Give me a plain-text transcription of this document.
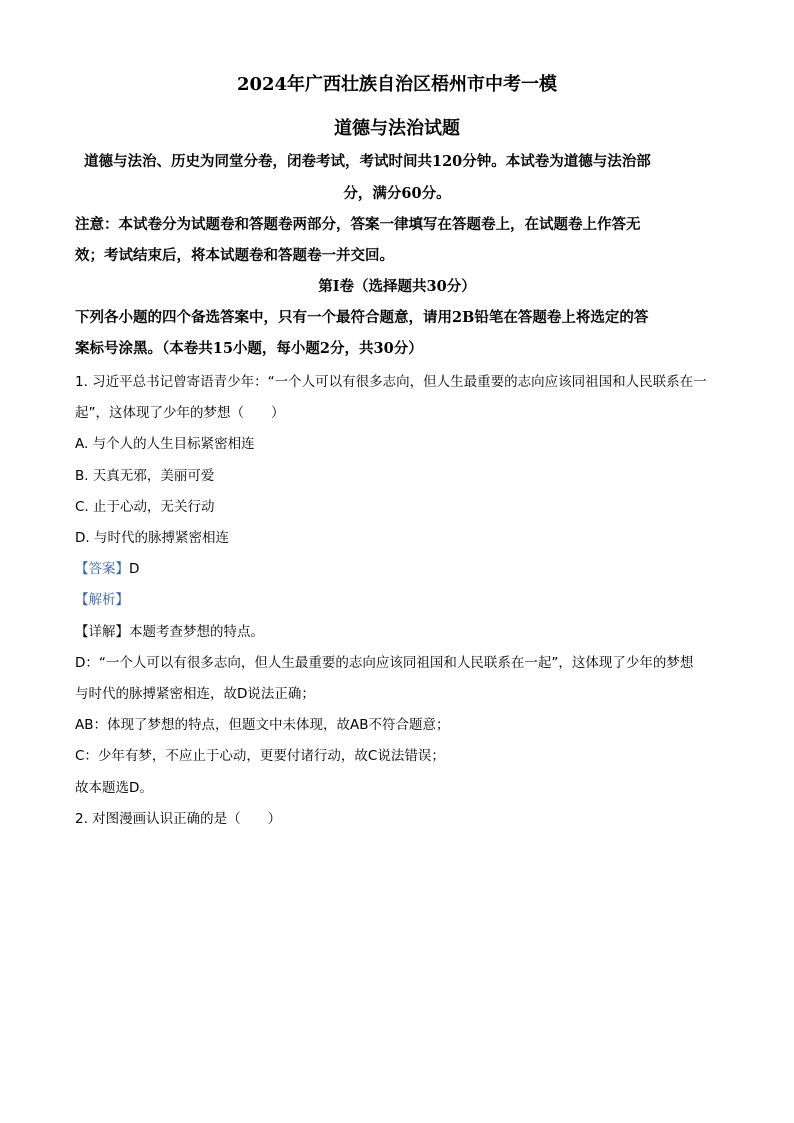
2024年广西壮族自治区梧州市中考一模
道德与法治试题
道德与法治、历史为同堂分卷，闭卷考试，考试时间共120分钟。本试卷为道德与法治部
分，满分60分。
注意：本试卷分为试题卷和答题卷两部分，答案一律填写在答题卷上，在试题卷上作答无
效；考试结束后，将本试题卷和答题卷一并交回。
第Ⅰ卷（选择题共30分）
下列各小题的四个备选答案中，只有一个最符合题意，请用2B铅笔在答题卷上将选定的答
案标号涂黑。（本卷共15小题，每小题2分，共30分）
1. 习近平总书记曾寄语青少年：“一个人可以有很多志向，但人生最重要的志向应该同祖国和人民联系在一
起”，这体现了少年的梦想（　　）
A. 与个人的人生目标紧密相连
B. 天真无邪，美丽可爱
C. 止于心动，无关行动
D. 与时代的脉搏紧密相连
【答案】D
【解析】
【详解】本题考查梦想的特点。
D：“一个人可以有很多志向，但人生最重要的志向应该同祖国和人民联系在一起”，这体现了少年的梦想
与时代的脉搏紧密相连，故D说法正确；
AB：体现了梦想的特点，但题文中未体现，故AB不符合题意；
C：少年有梦，不应止于心动，更要付诸行动，故C说法错误；
故本题选D。
2. 对图漫画认识正确的是（　　）
